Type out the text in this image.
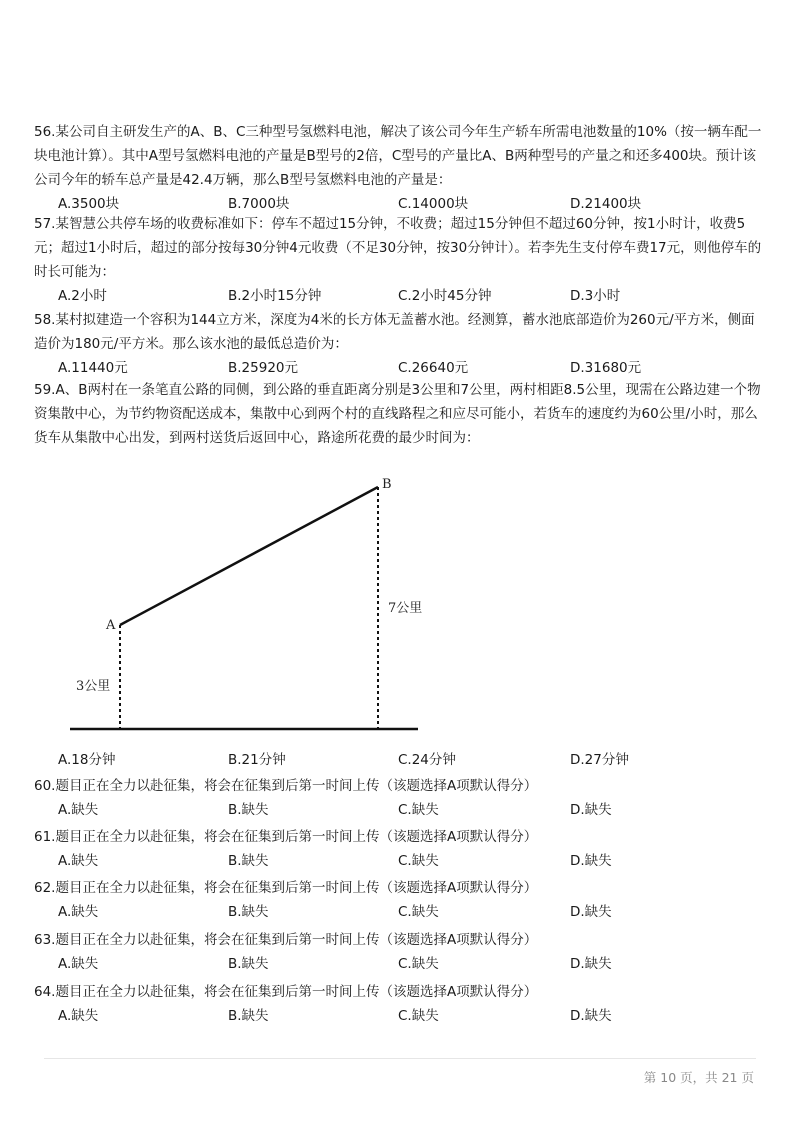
56.某公司自主研发生产的A、B、C三种型号氢燃料电池，解决了该公司今年生产轿车所需电池数量的10%（按一辆车配一块电池计算）。其中A型号氢燃料电池的产量是B型号的2倍，C型号的产量比A、B两种型号的产量之和还多400块。预计该公司今年的轿车总产量是42.4万辆，那么B型号氢燃料电池的产量是：

A.3500块	B.7000块	C.14000块	D.21400块

57.某智慧公共停车场的收费标准如下：停车不超过15分钟，不收费；超过15分钟但不超过60分钟，按1小时计，收费5元；超过1小时后，超过的部分按每30分钟4元收费（不足30分钟，按30分钟计）。若李先生支付停车费17元，则他停车的时长可能为：

A.2小时	B.2小时15分钟	C.2小时45分钟	D.3小时

58.某村拟建造一个容积为144立方米，深度为4米的长方体无盖蓄水池。经测算，蓄水池底部造价为260元/平方米，侧面造价为180元/平方米。那么该水池的最低总造价为：

A.11440元	B.25920元	C.26640元	D.31680元

59.A、B两村在一条笔直公路的同侧，到公路的垂直距离分别是3公里和7公里，两村相距8.5公里，现需在公路边建一个物资集散中心，为节约物资配送成本，集散中心到两个村的直线路程之和应尽可能小，若货车的速度约为60公里/小时，那么货车从集散中心出发，到两村送货后返回中心，路途所花费的最少时间为：

A
B
3公里
7公里
A.18分钟	B.21分钟	C.24分钟	D.27分钟

60.题目正在全力以赴征集，将会在征集到后第一时间上传（该题选择A项默认得分）

A.缺失	B.缺失	C.缺失	D.缺失

61.题目正在全力以赴征集，将会在征集到后第一时间上传（该题选择A项默认得分）

A.缺失	B.缺失	C.缺失	D.缺失

62.题目正在全力以赴征集，将会在征集到后第一时间上传（该题选择A项默认得分）

A.缺失	B.缺失	C.缺失	D.缺失

63.题目正在全力以赴征集，将会在征集到后第一时间上传（该题选择A项默认得分）

A.缺失	B.缺失	C.缺失	D.缺失

64.题目正在全力以赴征集，将会在征集到后第一时间上传（该题选择A项默认得分）

A.缺失	B.缺失	C.缺失	D.缺失
第 10 页，共 21 页
